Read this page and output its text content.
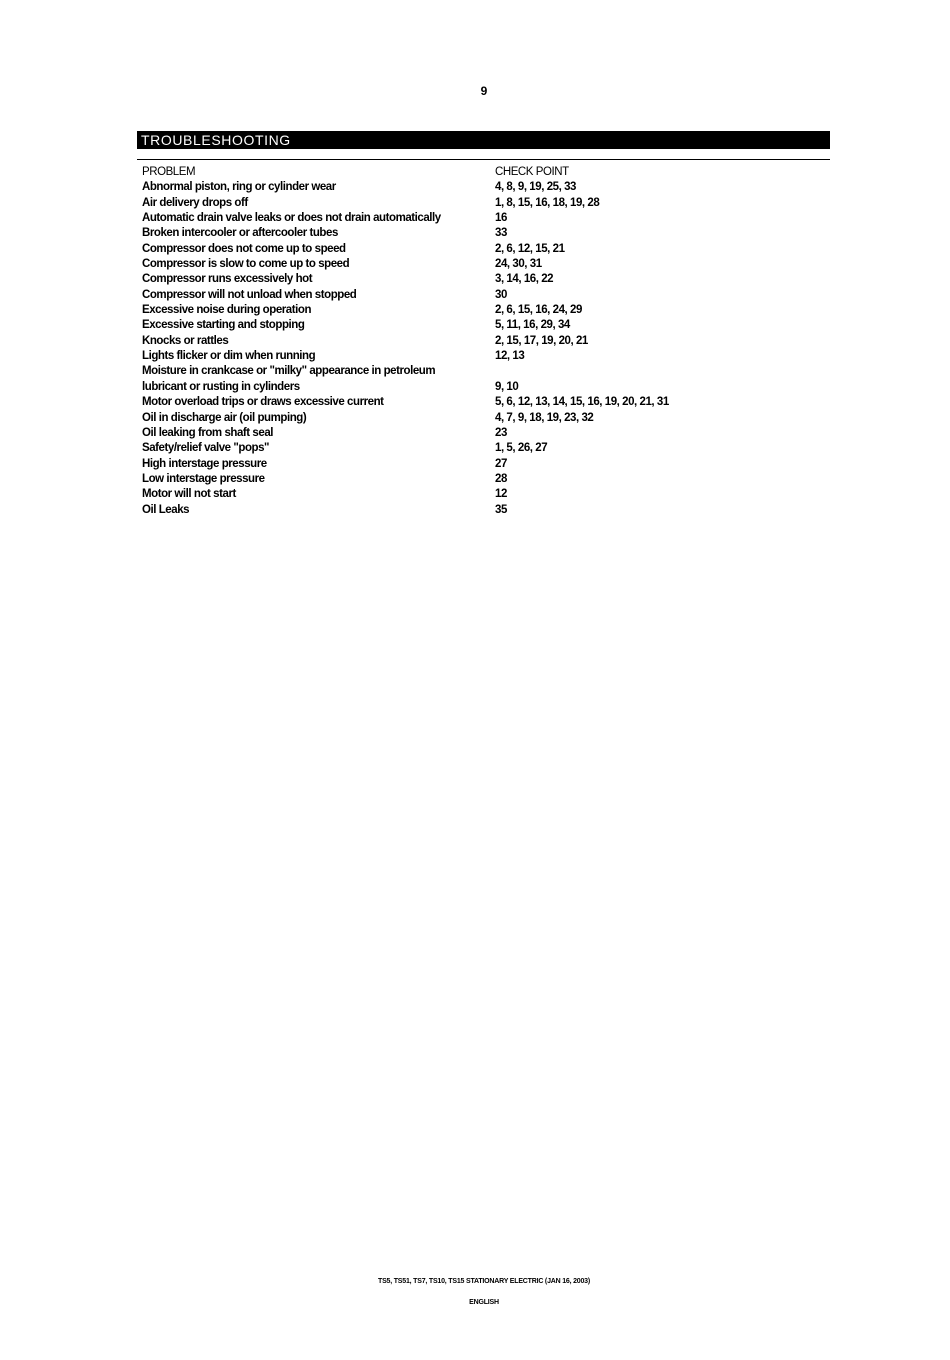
9
TROUBLESHOOTING
PROBLEM	CHECK POINT
Abnormal piston, ring or cylinder wear	4, 8, 9, 19, 25, 33
Air delivery drops off	1, 8, 15, 16, 18, 19, 28
Automatic drain valve leaks or does not drain automatically	16
Broken intercooler or aftercooler tubes	33
Compressor does not come up to speed	2, 6, 12, 15, 21
Compressor is slow to come up to speed	24, 30, 31
Compressor runs excessively hot	3, 14, 16, 22
Compressor will not unload when stopped	30
Excessive noise during operation	2, 6, 15, 16, 24, 29
Excessive starting and stopping	5, 11, 16, 29, 34
Knocks or rattles	2, 15, 17, 19, 20, 21
Lights flicker or dim when running	12, 13
Moisture in crankcase or "milky" appearance in petroleum
lubricant or rusting in cylinders	9, 10
Motor overload trips or draws excessive current	5, 6, 12, 13, 14, 15, 16, 19, 20, 21, 31
Oil in discharge air (oil pumping)	4, 7, 9, 18, 19, 23, 32
Oil leaking from shaft seal	23
Safety/relief valve "pops"	1, 5, 26, 27
High interstage pressure	27
Low interstage pressure	28
Motor will not start	12
Oil Leaks	35
TS5, TS51, TS7, TS10, TS15 STATIONARY ELECTRIC (JAN 16, 2003)
ENGLISH
